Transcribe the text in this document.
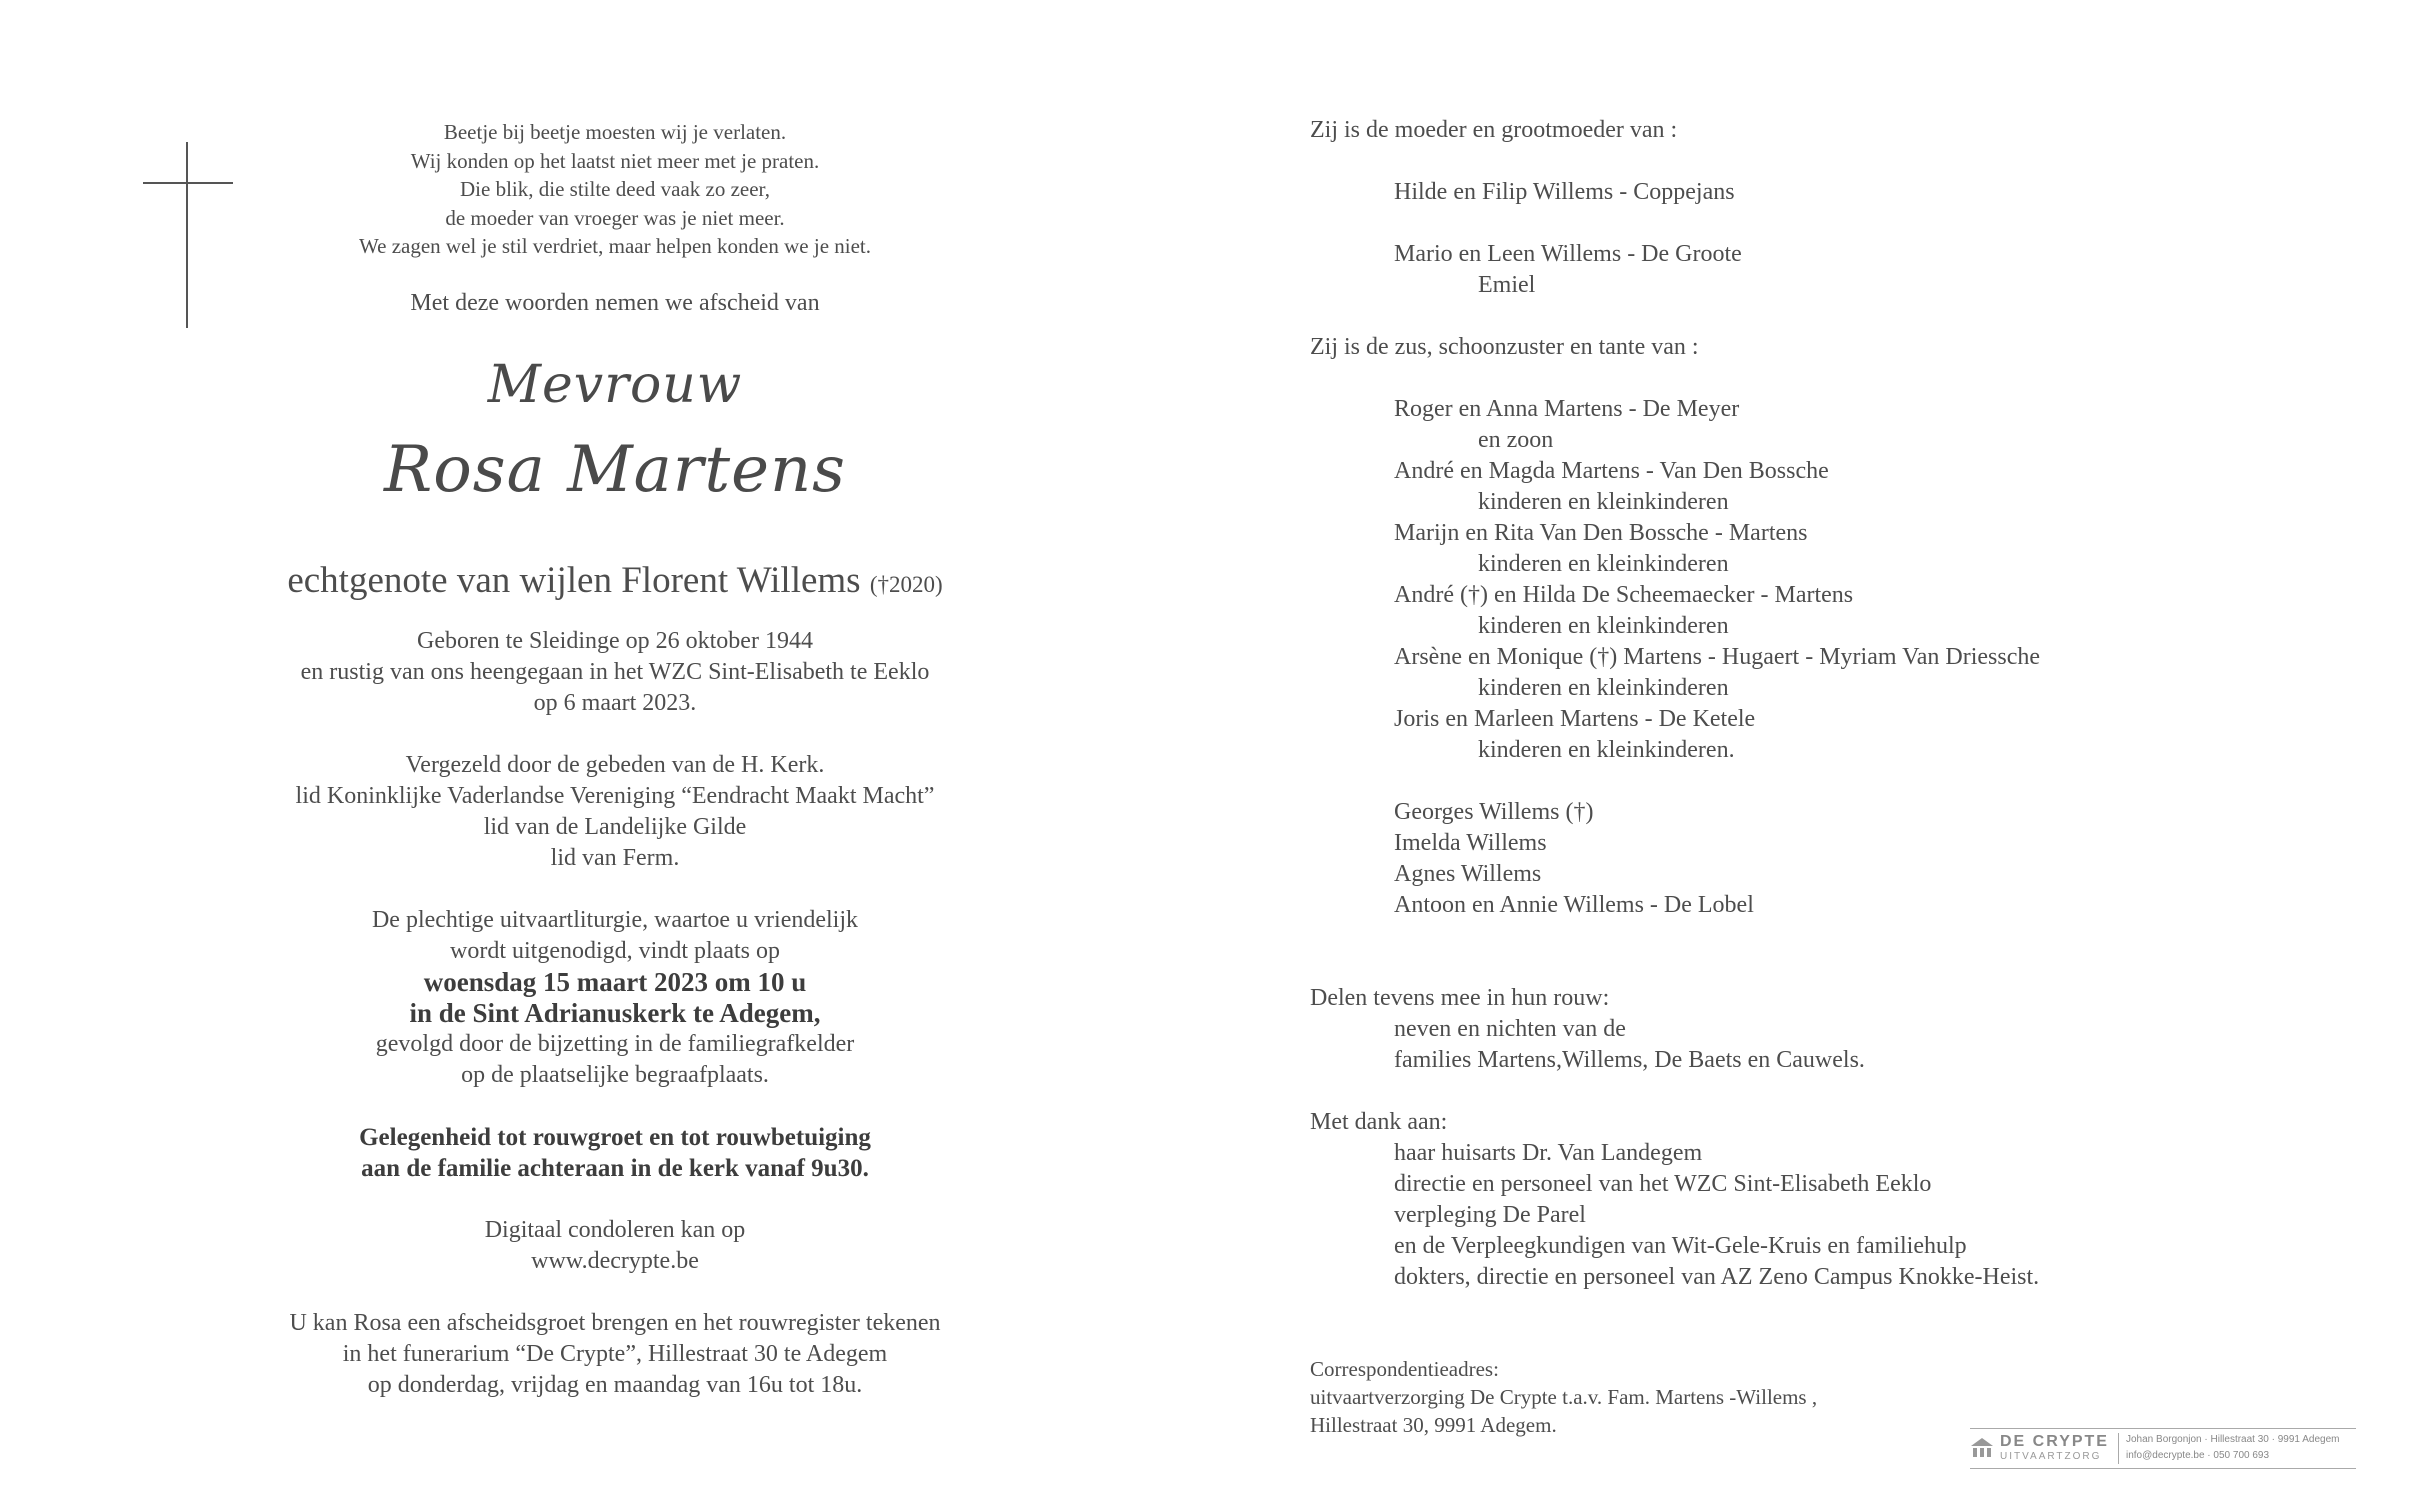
Beetje bij beetje moesten wij je verlaten.
Wij konden op het laatst niet meer met je praten.
Die blik, die stilte deed vaak zo zeer,
de moeder van vroeger was je niet meer.
We zagen wel je stil verdriet, maar helpen konden we je niet.
Met deze woorden nemen we afscheid van
Mevrouw
Rosa Martens
echtgenote van wijlen Florent Willems (†2020)
Geboren te Sleidinge op 26 oktober 1944
en rustig van ons heengegaan in het WZC Sint-Elisabeth te Eeklo
op 6 maart 2023.
Vergezeld door de gebeden van de H. Kerk.
lid Koninklijke Vaderlandse Vereniging “Eendracht Maakt Macht”
lid van de Landelijke Gilde
lid van Ferm.
De plechtige uitvaartliturgie, waartoe u vriendelijk
wordt uitgenodigd, vindt plaats op
woensdag 15 maart 2023 om 10 u
in de Sint Adrianuskerk te Adegem,
gevolgd door de bijzetting in de familiegrafkelder
op de plaatselijke begraafplaats.
Gelegenheid tot rouwgroet en tot rouwbetuiging
aan de familie achteraan in de kerk vanaf 9u30.
Digitaal condoleren kan op
www.decrypte.be
U kan Rosa een afscheidsgroet brengen en het rouwregister tekenen
in het funerarium “De Crypte”, Hillestraat 30 te Adegem
op donderdag, vrijdag en maandag van 16u tot 18u.
Zij is de moeder en grootmoeder van :
Hilde en Filip Willems - Coppejans
Mario en Leen Willems - De Groote
Emiel
Zij is de zus, schoonzuster en tante van :
Roger en Anna Martens - De Meyer
en zoon
André en Magda Martens - Van Den Bossche
kinderen en kleinkinderen
Marijn en Rita Van Den Bossche - Martens
kinderen en kleinkinderen
André (†) en Hilda De Scheemaecker - Martens
kinderen en kleinkinderen
Arsène en Monique (†) Martens - Hugaert - Myriam Van Driessche
kinderen en kleinkinderen
Joris en Marleen Martens - De Ketele
kinderen en kleinkinderen.
Georges Willems (†)
Imelda Willems
Agnes Willems
Antoon en Annie Willems - De Lobel
Delen tevens mee in hun rouw:
neven en nichten van de
families Martens,Willems, De Baets en Cauwels.
Met dank aan:
haar huisarts Dr. Van Landegem
directie en personeel van het WZC Sint-Elisabeth Eeklo
verpleging De Parel
en de Verpleegkundigen van Wit-Gele-Kruis en familiehulp
dokters, directie en personeel van AZ Zeno Campus Knokke-Heist.
Correspondentieadres:
uitvaartverzorging De Crypte t.a.v. Fam. Martens -Willems ,
Hillestraat 30, 9991 Adegem.
DE CRYPTE
UITVAARTZORG
Johan Borgonjon · Hillestraat 30 · 9991 Adegem
info@decrypte.be · 050 700 693
